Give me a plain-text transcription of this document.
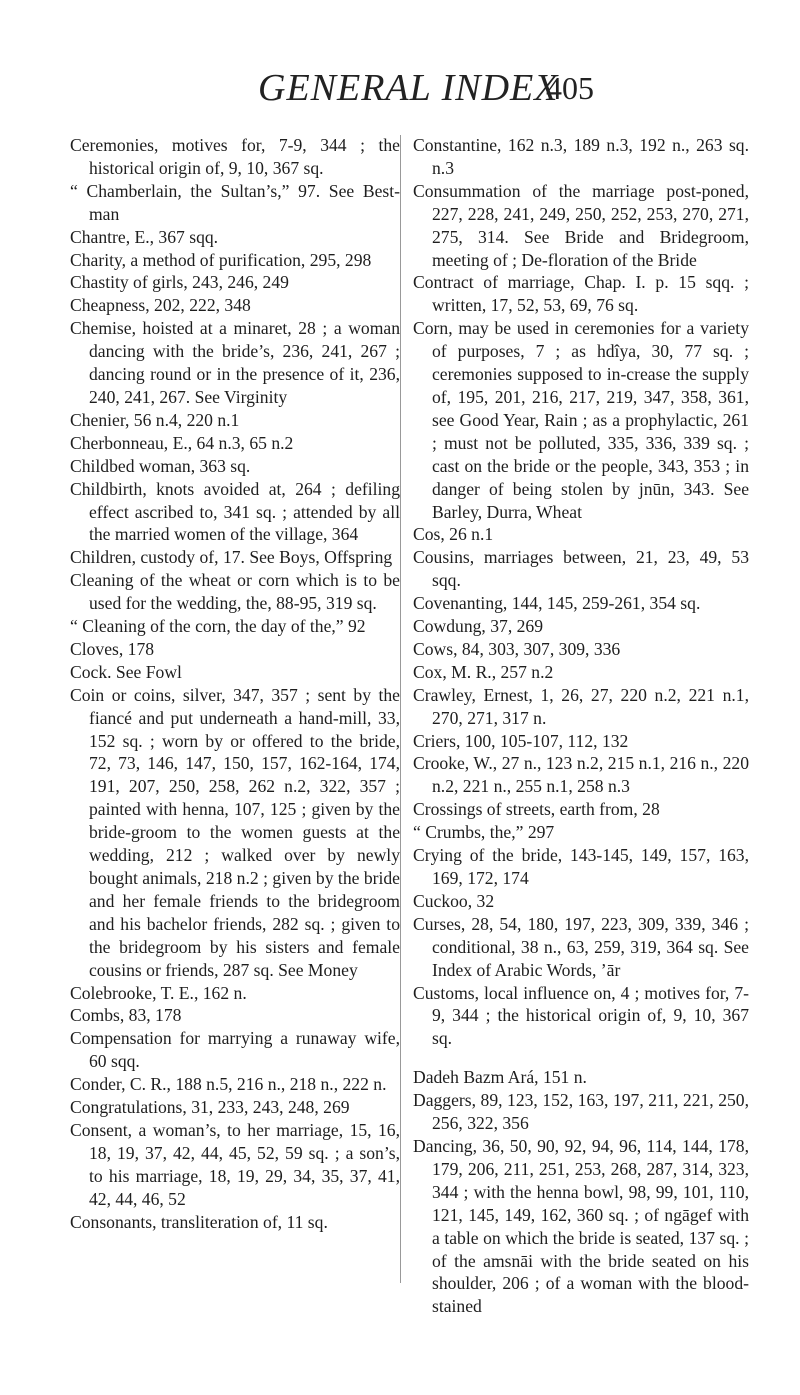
GENERAL INDEX
405

Ceremonies, motives for, 7-9, 344 ; the historical origin of, 9, 10, 367 sq.

“ Chamberlain, the Sultan’s,” 97. See Best-man

Chantre, E., 367 sqq.

Charity, a method of purification, 295, 298

Chastity of girls, 243, 246, 249

Cheapness, 202, 222, 348

Chemise, hoisted at a minaret, 28 ; a woman dancing with the bride’s, 236, 241, 267 ; dancing round or in the presence of it, 236, 240, 241, 267. See Virginity

Chenier, 56 n.4, 220 n.1

Cherbonneau, E., 64 n.3, 65 n.2

Childbed woman, 363 sq.

Childbirth, knots avoided at, 264 ; defiling effect ascribed to, 341 sq. ; attended by all the married women of the village, 364

Children, custody of, 17. See Boys, Offspring

Cleaning of the wheat or corn which is to be used for the wedding, the, 88-95, 319 sq.

“ Cleaning of the corn, the day of the,” 92

Cloves, 178

Cock. See Fowl

Coin or coins, silver, 347, 357 ; sent by the fiancé and put underneath a hand-mill, 33, 152 sq. ; worn by or offered to the bride, 72, 73, 146, 147, 150, 157, 162-164, 174, 191, 207, 250, 258, 262 n.2, 322, 357 ; painted with henna, 107, 125 ; given by the bride-groom to the women guests at the wedding, 212 ; walked over by newly bought animals, 218 n.2 ; given by the bride and her female friends to the bridegroom and his bachelor friends, 282 sq. ; given to the bridegroom by his sisters and female cousins or friends, 287 sq. See Money

Colebrooke, T. E., 162 n.

Combs, 83, 178

Compensation for marrying a runaway wife, 60 sqq.

Conder, C. R., 188 n.5, 216 n., 218 n., 222 n.

Congratulations, 31, 233, 243, 248, 269

Consent, a woman’s, to her marriage, 15, 16, 18, 19, 37, 42, 44, 45, 52, 59 sq. ; a son’s, to his marriage, 18, 19, 29, 34, 35, 37, 41, 42, 44, 46, 52

Consonants, transliteration of, 11 sq.

Constantine, 162 n.3, 189 n.3, 192 n., 263 sq. n.3

Consummation of the marriage post-poned, 227, 228, 241, 249, 250, 252, 253, 270, 271, 275, 314. See Bride and Bridegroom, meeting of ; De-floration of the Bride

Contract of marriage, Chap. I. p. 15 sqq. ; written, 17, 52, 53, 69, 76 sq.

Corn, may be used in ceremonies for a variety of purposes, 7 ; as hdîya, 30, 77 sq. ; ceremonies supposed to in-crease the supply of, 195, 201, 216, 217, 219, 347, 358, 361, see Good Year, Rain ; as a prophylactic, 261 ; must not be polluted, 335, 336, 339 sq. ; cast on the bride or the people, 343, 353 ; in danger of being stolen by jnūn, 343. See Barley, Durra, Wheat

Cos, 26 n.1

Cousins, marriages between, 21, 23, 49, 53 sqq.

Covenanting, 144, 145, 259-261, 354 sq.

Cowdung, 37, 269

Cows, 84, 303, 307, 309, 336

Cox, M. R., 257 n.2

Crawley, Ernest, 1, 26, 27, 220 n.2, 221 n.1, 270, 271, 317 n.

Criers, 100, 105-107, 112, 132

Crooke, W., 27 n., 123 n.2, 215 n.1, 216 n., 220 n.2, 221 n., 255 n.1, 258 n.3

Crossings of streets, earth from, 28

“ Crumbs, the,” 297

Crying of the bride, 143-145, 149, 157, 163, 169, 172, 174

Cuckoo, 32

Curses, 28, 54, 180, 197, 223, 309, 339, 346 ; conditional, 38 n., 63, 259, 319, 364 sq. See Index of Arabic Words, ’ār

Customs, local influence on, 4 ; motives for, 7-9, 344 ; the historical origin of, 9, 10, 367 sq.

Dadeh Bazm Ará, 151 n.

Daggers, 89, 123, 152, 163, 197, 211, 221, 250, 256, 322, 356

Dancing, 36, 50, 90, 92, 94, 96, 114, 144, 178, 179, 206, 211, 251, 253, 268, 287, 314, 323, 344 ; with the henna bowl, 98, 99, 101, 110, 121, 145, 149, 162, 360 sq. ; of ngāgef with a table on which the bride is seated, 137 sq. ; of the amsnāi with the bride seated on his shoulder, 206 ; of a woman with the blood-stained
